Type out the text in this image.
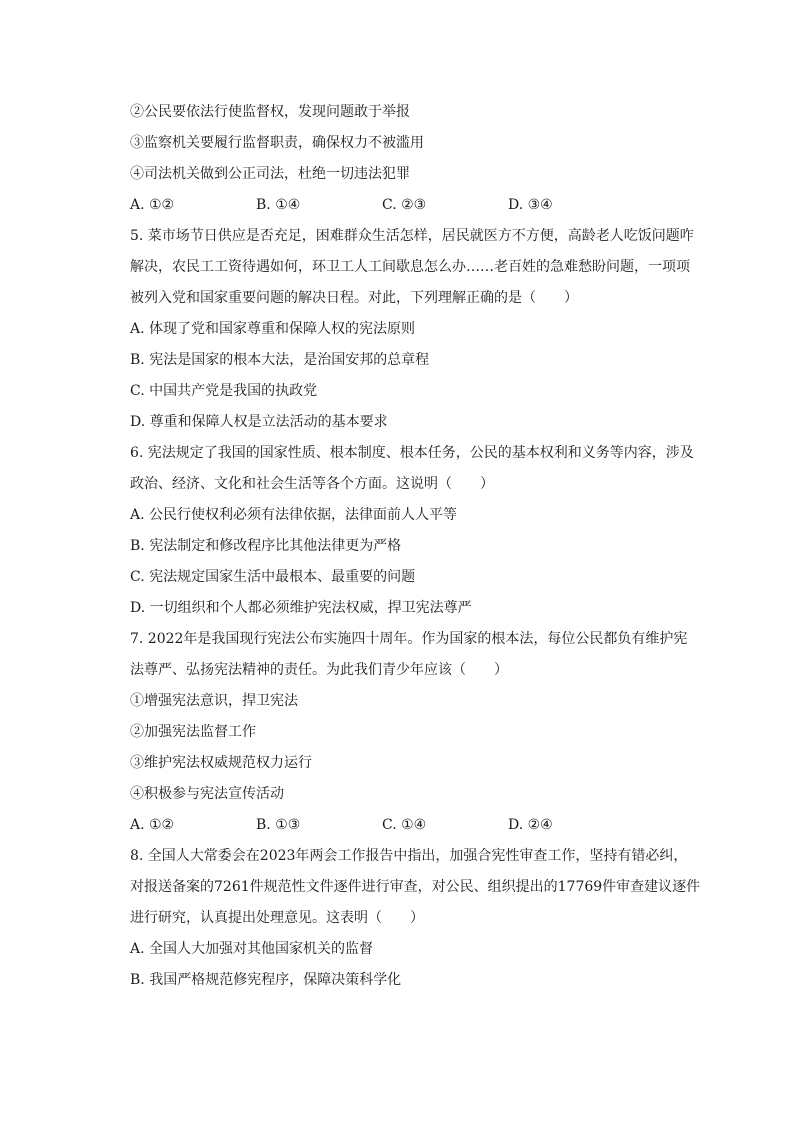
②公民要依法行使监督权，发现问题敢于举报
③监察机关要履行监督职责，确保权力不被滥用
④司法机关做到公正司法，杜绝一切违法犯罪
A. ①②	B. ①④	C. ②③	D. ③④
5. 菜市场节日供应是否充足，困难群众生活怎样，居民就医方不方便，高龄老人吃饭问题咋
解决，农民工工资待遇如何，环卫工人工间歇息怎么办……老百姓的急难愁盼问题，一项项
被列入党和国家重要问题的解决日程。对此，下列理解正确的是（　　）
A. 体现了党和国家尊重和保障人权的宪法原则
B. 宪法是国家的根本大法，是治国安邦的总章程
C. 中国共产党是我国的执政党
D. 尊重和保障人权是立法活动的基本要求
6. 宪法规定了我国的国家性质、根本制度、根本任务，公民的基本权利和义务等内容，涉及
政治、经济、文化和社会生活等各个方面。这说明（　　）
A. 公民行使权利必须有法律依据，法律面前人人平等
B. 宪法制定和修改程序比其他法律更为严格
C. 宪法规定国家生活中最根本、最重要的问题
D. 一切组织和个人都必须维护宪法权威，捍卫宪法尊严
7. 2022年是我国现行宪法公布实施四十周年。作为国家的根本法，每位公民都负有维护宪
法尊严、弘扬宪法精神的责任。为此我们青少年应该（　　）
①增强宪法意识，捍卫宪法
②加强宪法监督工作
③维护宪法权威规范权力运行
④积极参与宪法宣传活动
A. ①②	B. ①③	C. ①④	D. ②④
8. 全国人大常委会在2023年两会工作报告中指出，加强合宪性审查工作，坚持有错必纠，
对报送备案的7261件规范性文件逐件进行审查，对公民、组织提出的17769件审查建议逐件
进行研究，认真提出处理意见。这表明（　　）
A. 全国人大加强对其他国家机关的监督
B. 我国严格规范修宪程序，保障决策科学化
